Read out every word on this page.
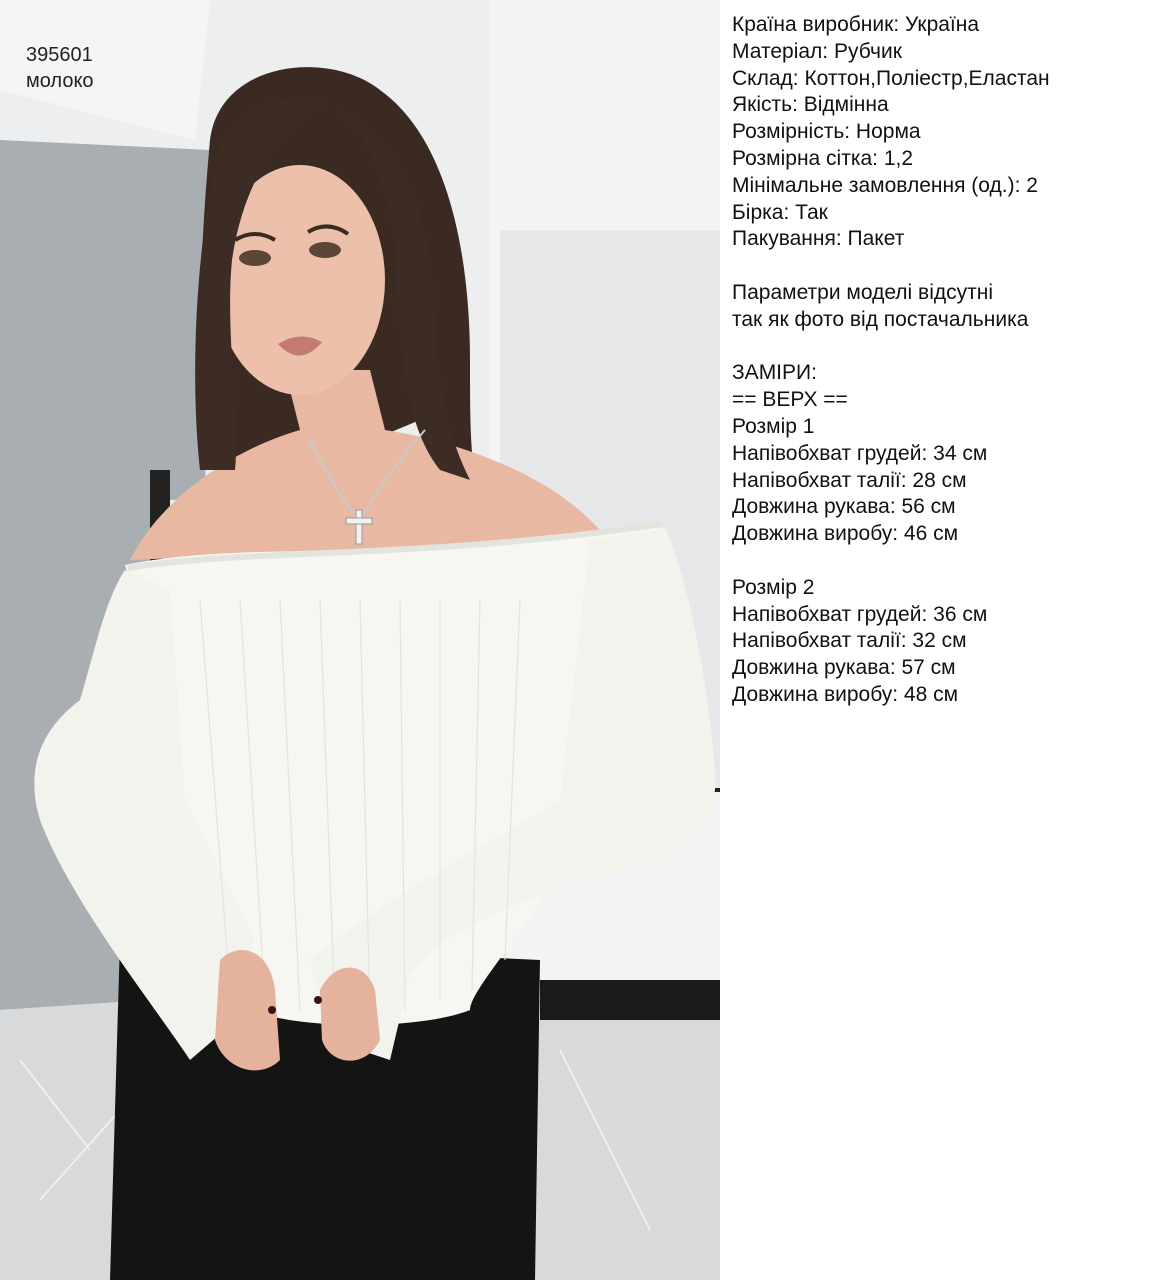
395601
молоко
Країна виробник: Україна
Матеріал: Рубчик
Склад: Коттон,Поліестр,Еластан
Якість: Відмінна
Розмірність: Норма
Розмірна сітка: 1,2
Мінімальне замовлення (од.): 2
Бірка: Так
Пакування: Пакет
Параметри моделі відсутні
так як фото від постачальника
ЗАМІРИ:
== ВЕРХ ==
Розмір 1
Напівобхват грудей: 34 см
Напівобхват талії: 28 см
Довжина рукава: 56 см
Довжина виробу: 46 см
Розмір 2
Напівобхват грудей: 36 см
Напівобхват талії: 32 см
Довжина рукава: 57 см
Довжина виробу: 48 см
